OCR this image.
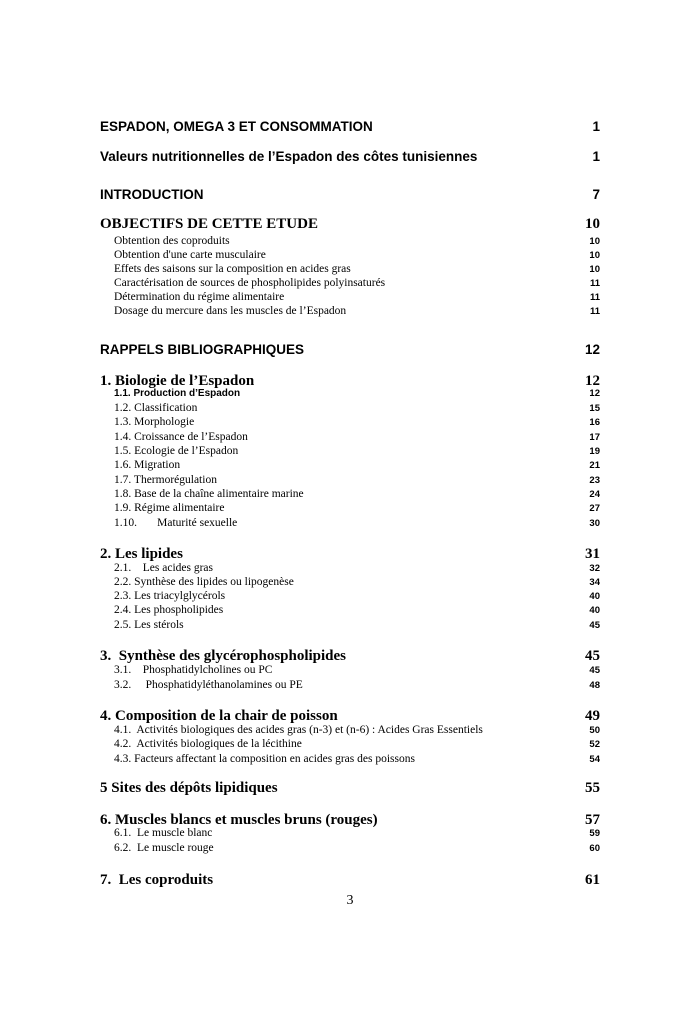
ESPADON, OMEGA 3 ET CONSOMMATION	1
Valeurs nutritionnelles de l’Espadon des côtes tunisiennes	1
INTRODUCTION	7
OBJECTIFS DE CETTE ETUDE	10
Obtention des coproduits	10
Obtention d'une carte musculaire	10
Effets des saisons sur la composition en acides gras	10
Caractérisation de sources de phospholipides polyinsaturés	11
Détermination du régime alimentaire	11
Dosage du mercure dans les muscles de l’Espadon	11
RAPPELS BIBLIOGRAPHIQUES	12
1. Biologie de l’Espadon	12
1.1. Production d’Espadon	12
1.2. Classification	15
1.3. Morphologie	16
1.4. Croissance de l’Espadon	17
1.5. Ecologie de l’Espadon	19
1.6. Migration	21
1.7. Thermorégulation	23
1.8. Base de la chaîne alimentaire marine	24
1.9. Régime alimentaire	27
1.10.       Maturité sexuelle	30
2. Les lipides	31
2.1.    Les acides gras	32
2.2. Synthèse des lipides ou lipogenèse	34
2.3. Les triacylglycérols	40
2.4. Les phospholipides	40
2.5. Les stérols	45
3.  Synthèse des glycérophospholipides	45
3.1.    Phosphatidylcholines ou PC	45
3.2.     Phosphatidyléthanolamines ou PE	48
4. Composition de la chair de poisson	49
4.1.  Activités biologiques des acides gras (n-3) et (n-6) : Acides Gras Essentiels	50
4.2.  Activités biologiques de la lécithine	52
4.3. Facteurs affectant la composition en acides gras des poissons	54
5 Sites des dépôts lipidiques	55
6. Muscles blancs et muscles bruns (rouges)	57
6.1.  Le muscle blanc	59
6.2.  Le muscle rouge	60
7.  Les coproduits	61
3
